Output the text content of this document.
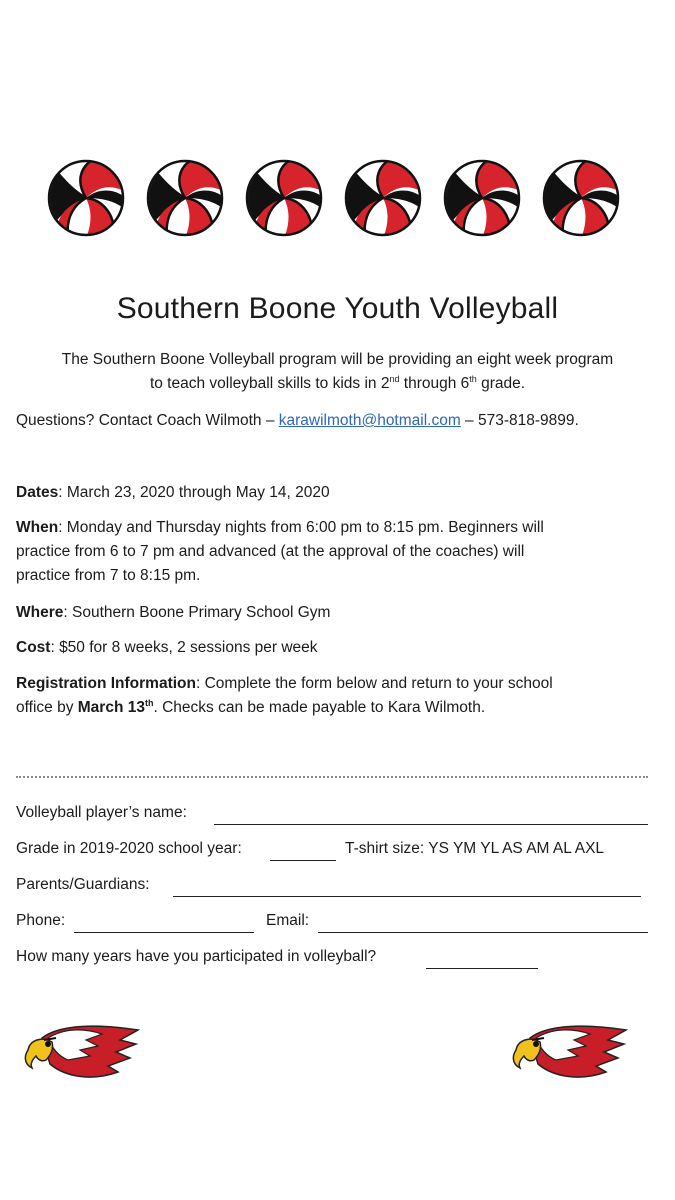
Southern Boone Youth Volleyball
The Southern Boone Volleyball program will be providing an eight week program
to teach volleyball skills to kids in 2nd through 6th grade.
Questions? Contact Coach Wilmoth – karawilmoth@hotmail.com – 573-818-9899.
Dates: March 23, 2020 through May 14, 2020
When: Monday and Thursday nights from 6:00 pm to 8:15 pm. Beginners will
practice from 6 to 7 pm and advanced (at the approval of the coaches) will
practice from 7 to 8:15 pm.
Where: Southern Boone Primary School Gym
Cost: $50 for 8 weeks, 2 sessions per week
Registration Information: Complete the form below and return to your school
office by March 13th. Checks can be made payable to Kara Wilmoth.
Volleyball player’s name:
Grade in 2019-2020 school year:	T-shirt size: YS YM YL AS AM AL AXL
Parents/Guardians:
Phone:	Email:
How many years have you participated in volleyball?
